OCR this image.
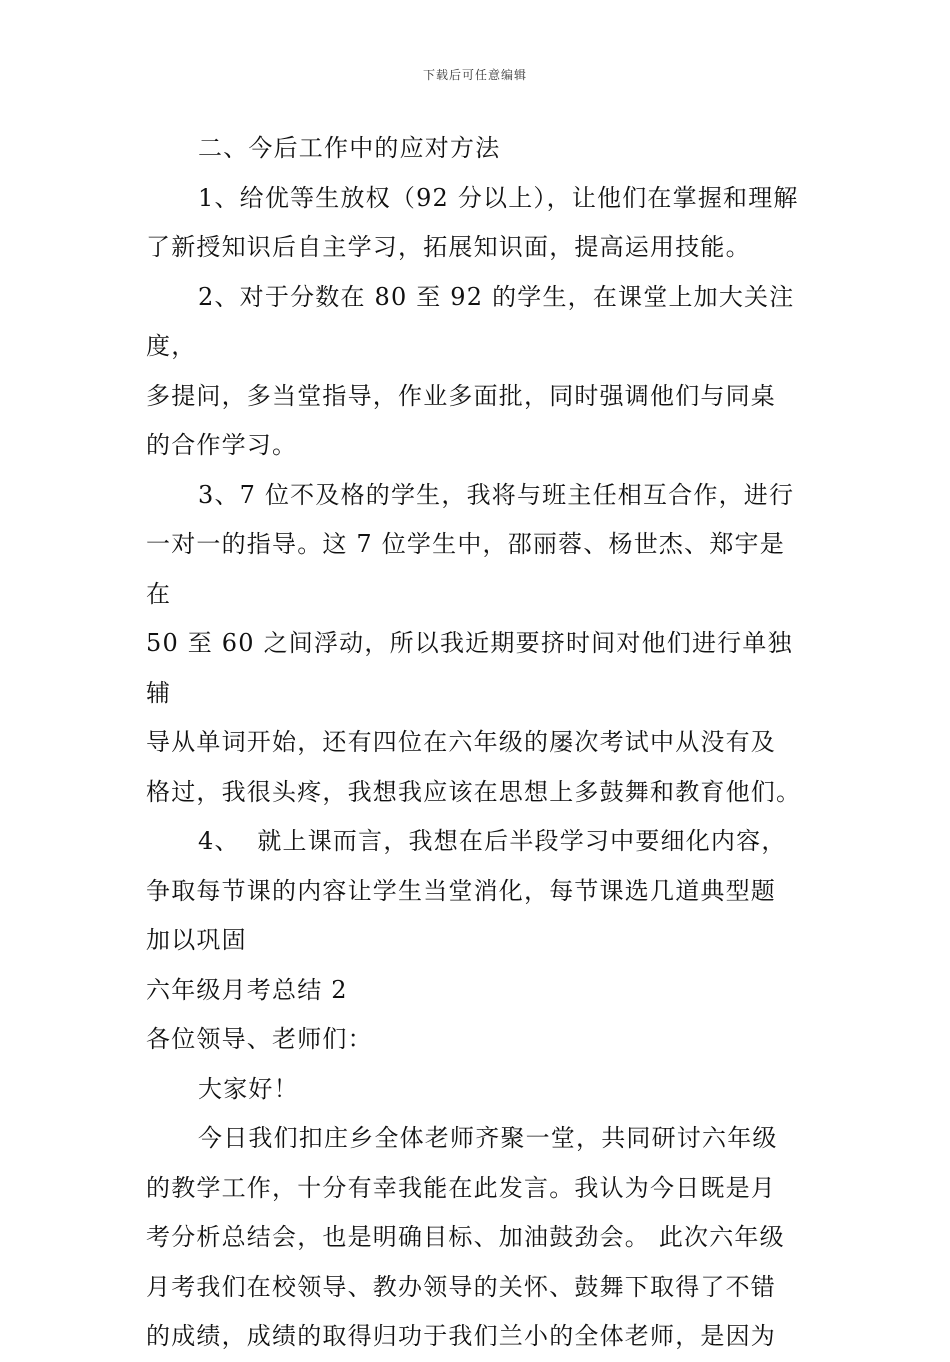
下载后可任意编辑

二、今后工作中的应对方法

1、给优等生放权（92 分以上），让他们在掌握和理解
了新授知识后自主学习，拓展知识面，提高运用技能。

2、对于分数在 80 至 92 的学生，在课堂上加大关注度，
多提问，多当堂指导，作业多面批，同时强调他们与同桌
的合作学习。

3、7 位不及格的学生，我将与班主任相互合作，进行
一对一的指导。这 7 位学生中，邵丽蓉、杨世杰、郑宇是在
50 至 60 之间浮动，所以我近期要挤时间对他们进行单独辅
导从单词开始，还有四位在六年级的屡次考试中从没有及
格过，我很头疼，我想我应该在思想上多鼓舞和教育他们。

4、  就上课而言，我想在后半段学习中要细化内容，
争取每节课的内容让学生当堂消化，每节课选几道典型题
加以巩固

六年级月考总结 2

各位领导、老师们：

大家好！

今日我们扣庄乡全体老师齐聚一堂，共同研讨六年级
的教学工作，十分有幸我能在此发言。我认为今日既是月
考分析总结会，也是明确目标、加油鼓劲会。 此次六年级
月考我们在校领导、教办领导的关怀、鼓舞下取得了不错
的成绩，成绩的取得归功于我们兰小的全体老师，是因为
